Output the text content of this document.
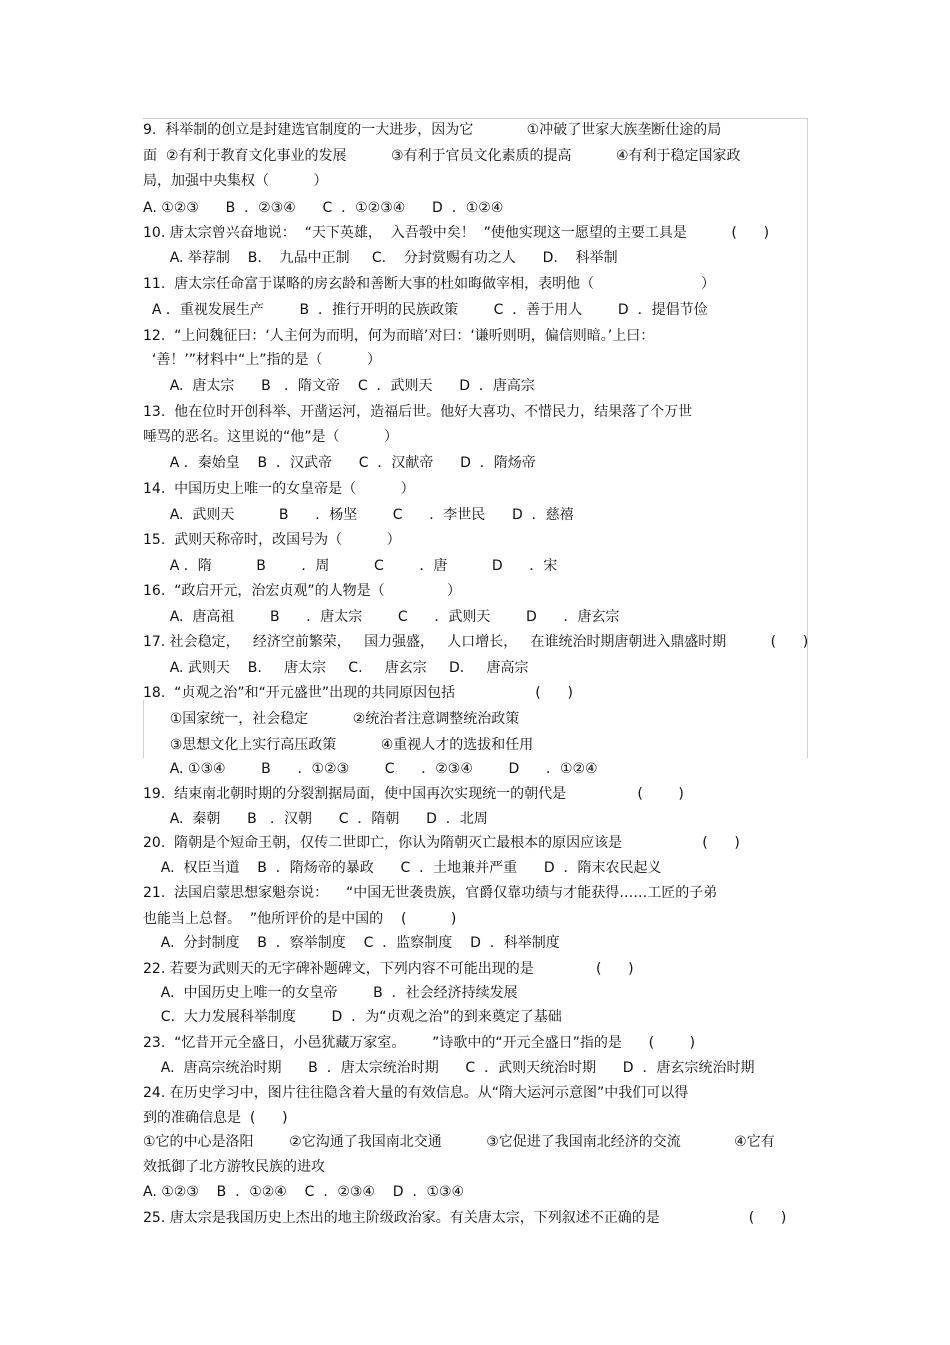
9.  科举制的创立是封建选官制度的一大进步，因为它            ①冲破了世家大族垄断仕途的局
面  ②有利于教育文化事业的发展          ③有利于官员文化素质的提高          ④有利于稳定国家政
局，加强中央集权（          ）
A. ①②③      B  ．②③④      C  ．①②③④      D  ．①②④
10. 唐太宗曾兴奋地说：  “天下英雄，  入吾彀中矣！  ”使他实现这一愿望的主要工具是          (      )
A. 举荐制    B.    九品中正制     C.    分封赏赐有功之人      D.    科举制
11.  唐太宗任命富于谋略的房玄龄和善断大事的杜如晦做宰相，表明他（                        ）
A ．重视发展生产        B  ．推行开明的民族政策        C  ．善于用人        D  ．提倡节俭
12.  “上问魏征曰：‘人主何为而明，何为而暗’对曰：‘谦听则明，偏信则暗。’上曰：
‘善！’”材料中“上”指的是（          ）
A.  唐太宗      B   ．隋文帝    C  ．武则天      D  ．唐高宗
13.  他在位时开创科举、开凿运河，造福后世。他好大喜功、不惜民力，结果落了个万世
唾骂的恶名。这里说的“他”是（          ）
A ．秦始皇    B  ．汉武帝      C  ．汉献帝      D  ．隋炀帝
14.  中国历史上唯一的女皇帝是（          ）
A.  武则天          B      ．杨坚        C      ．李世民      D  ．慈禧
15.  武则天称帝时，改国号为（          ）
A ．隋          B        ．周          C        ．唐          D      ．宋
16.  “政启开元，治宏贞观”的人物是（              ）
A.  唐高祖        B      ．唐太宗        C      ．武则天        D      ．唐玄宗
17. 社会稳定，   经济空前繁荣，   国力强盛，   人口增长，   在谁统治时期唐朝进入鼎盛时期          (      )
A. 武则天    B.     唐太宗     C.     唐玄宗     D.     唐高宗
18.  “贞观之治”和“开元盛世”出现的共同原因包括                  (      )
①国家统一，社会稳定          ②统治者注意调整统治政策
③思想文化上实行高压政策          ④重视人才的选拔和任用
A. ①③④        B      ．①②③        C      ．②③④        D      ．①②④
19.  结束南北朝时期的分裂割据局面，使中国再次实现统一的朝代是                (        )
A.  秦朝      B   ．汉朝      C  ．隋朝      D  ．北周
20.  隋朝是个短命王朝，仅传二世即亡，你认为隋朝灭亡最根本的原因应该是                  (      )
A.  权臣当道    B  ．隋炀帝的暴政      C  ．土地兼并严重      D  ．隋末农民起义
21.  法国启蒙思想家魁奈说：    “中国无世袭贵族，官爵仅靠功绩与才能获得……工匠的子弟
也能当上总督。  ”他所评价的是中国的    (          )
A.  分封制度    B  ．察举制度    C  ．监察制度    D  ．科举制度
22. 若要为武则天的无字碑补题碑文，下列内容不可能出现的是              (      )
A.  中国历史上唯一的女皇帝        B  ．社会经济持续发展
C.  大力发展科举制度        D  ．为“贞观之治”的到来奠定了基础
23.  “忆昔开元全盛日，小邑犹藏万家室。      ”诗歌中的“开元全盛日”指的是      (        )
A.  唐高宗统治时期      B  ．唐太宗统治时期      C  ．武则天统治时期      D  ．唐玄宗统治时期
24. 在历史学习中，图片往往隐含着大量的有效信息。从“隋大运河示意图”中我们可以得
到的准确信息是  (      )
①它的中心是洛阳        ②它沟通了我国南北交通          ③它促进了我国南北经济的交流            ④它有
效抵御了北方游牧民族的进攻
A. ①②③    B  ．①②④    C  ．②③④    D  ．①③④
25. 唐太宗是我国历史上杰出的地主阶级政治家。有关唐太宗，下列叙述不正确的是                    (      )
